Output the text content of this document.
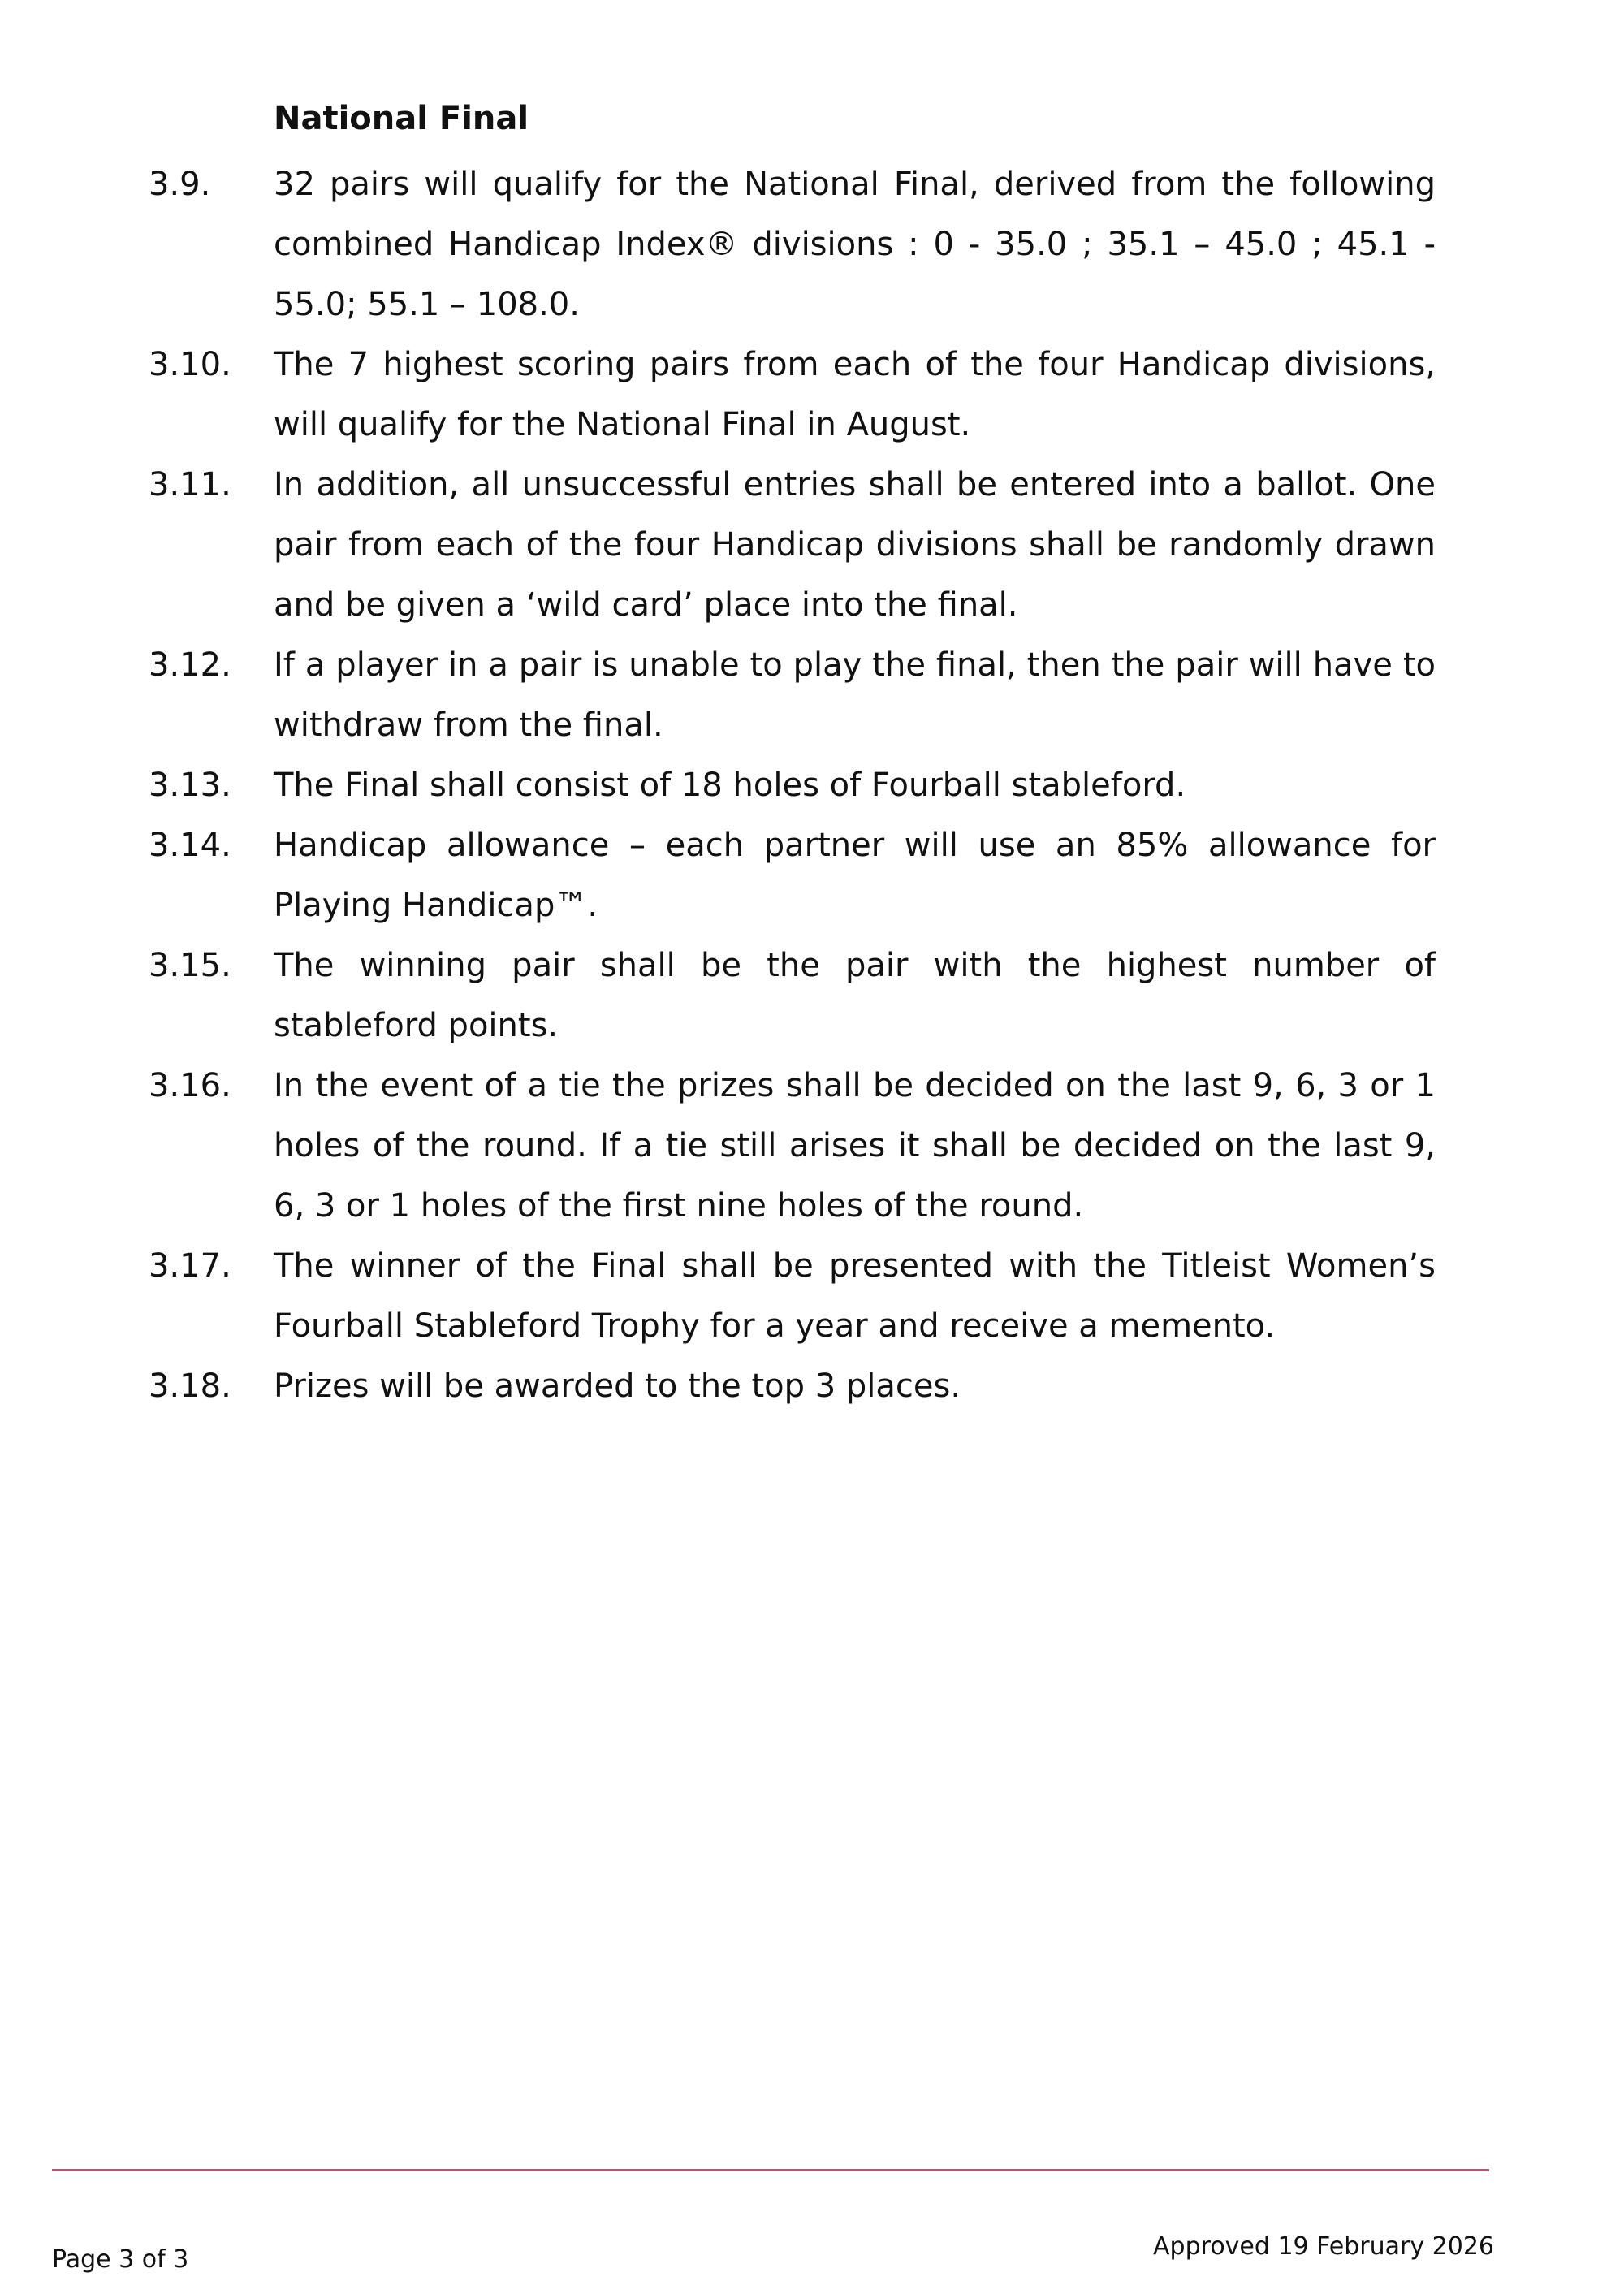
National Final
3.9. 32 pairs will qualify for the National Final, derived from the following combined Handicap Index® divisions : 0 - 35.0 ; 35.1 – 45.0 ; 45.1 - 55.0; 55.1 – 108.0.
3.10. The 7 highest scoring pairs from each of the four Handicap divisions, will qualify for the National Final in August.
3.11. In addition, all unsuccessful entries shall be entered into a ballot. One pair from each of the four Handicap divisions shall be randomly drawn and be given a ‘wild card’ place into the final.
3.12. If a player in a pair is unable to play the final, then the pair will have to withdraw from the final.
3.13. The Final shall consist of 18 holes of Fourball stableford.
3.14. Handicap allowance – each partner will use an 85% allowance for Playing Handicap™.
3.15. The winning pair shall be the pair with the highest number of stableford points.
3.16. In the event of a tie the prizes shall be decided on the last 9, 6, 3 or 1 holes of the round. If a tie still arises it shall be decided on the last 9, 6, 3 or 1 holes of the first nine holes of the round.
3.17. The winner of the Final shall be presented with the Titleist Women’s Fourball Stableford Trophy for a year and receive a memento.
3.18. Prizes will be awarded to the top 3 places.
Page 3 of 3	Approved 19 February 2026
